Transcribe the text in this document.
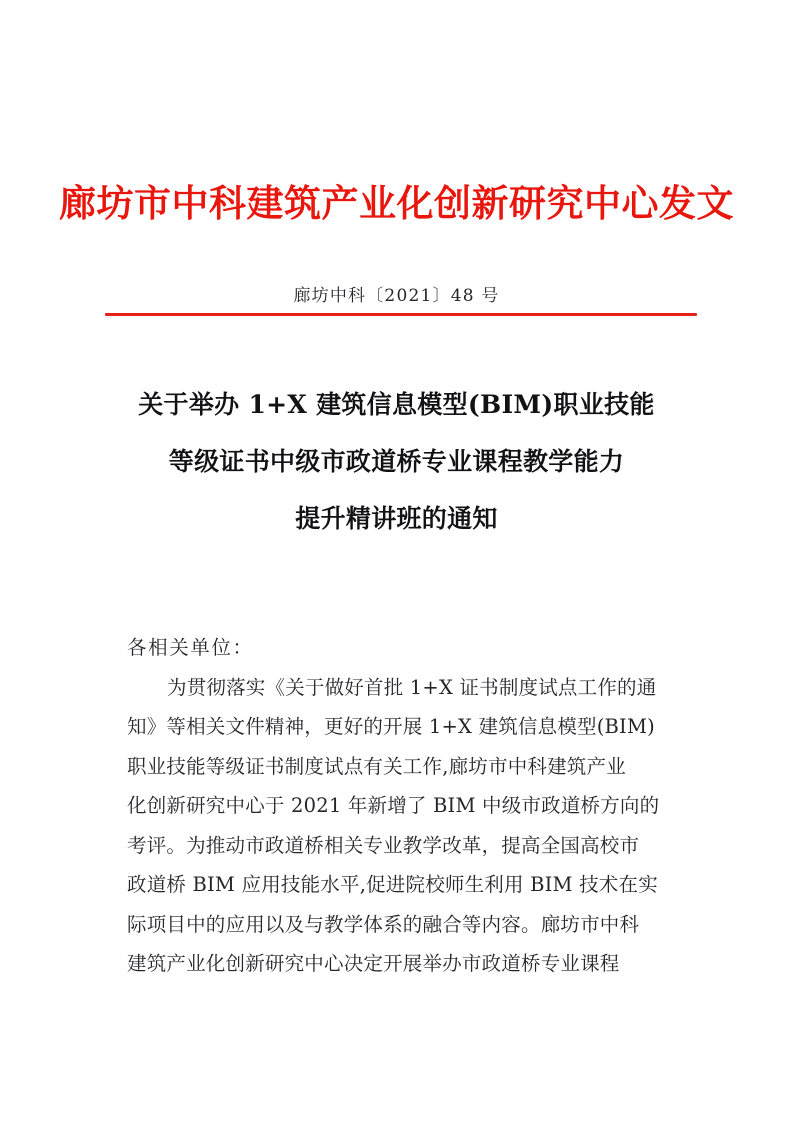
廊坊市中科建筑产业化创新研究中心发文
廊坊中科〔2021〕48 号
关于举办 1+X 建筑信息模型(BIM)职业技能
等级证书中级市政道桥专业课程教学能力
提升精讲班的通知
各相关单位：
为贯彻落实《关于做好首批 1+X 证书制度试点工作的通
知》等相关文件精神，更好的开展 1+X 建筑信息模型(BIM)
职业技能等级证书制度试点有关工作,廊坊市中科建筑产业
化创新研究中心于 2021 年新增了 BIM 中级市政道桥方向的
考评。为推动市政道桥相关专业教学改革，提高全国高校市
政道桥 BIM 应用技能水平,促进院校师生利用 BIM 技术在实
际项目中的应用以及与教学体系的融合等内容。廊坊市中科
建筑产业化创新研究中心决定开展举办市政道桥专业课程
